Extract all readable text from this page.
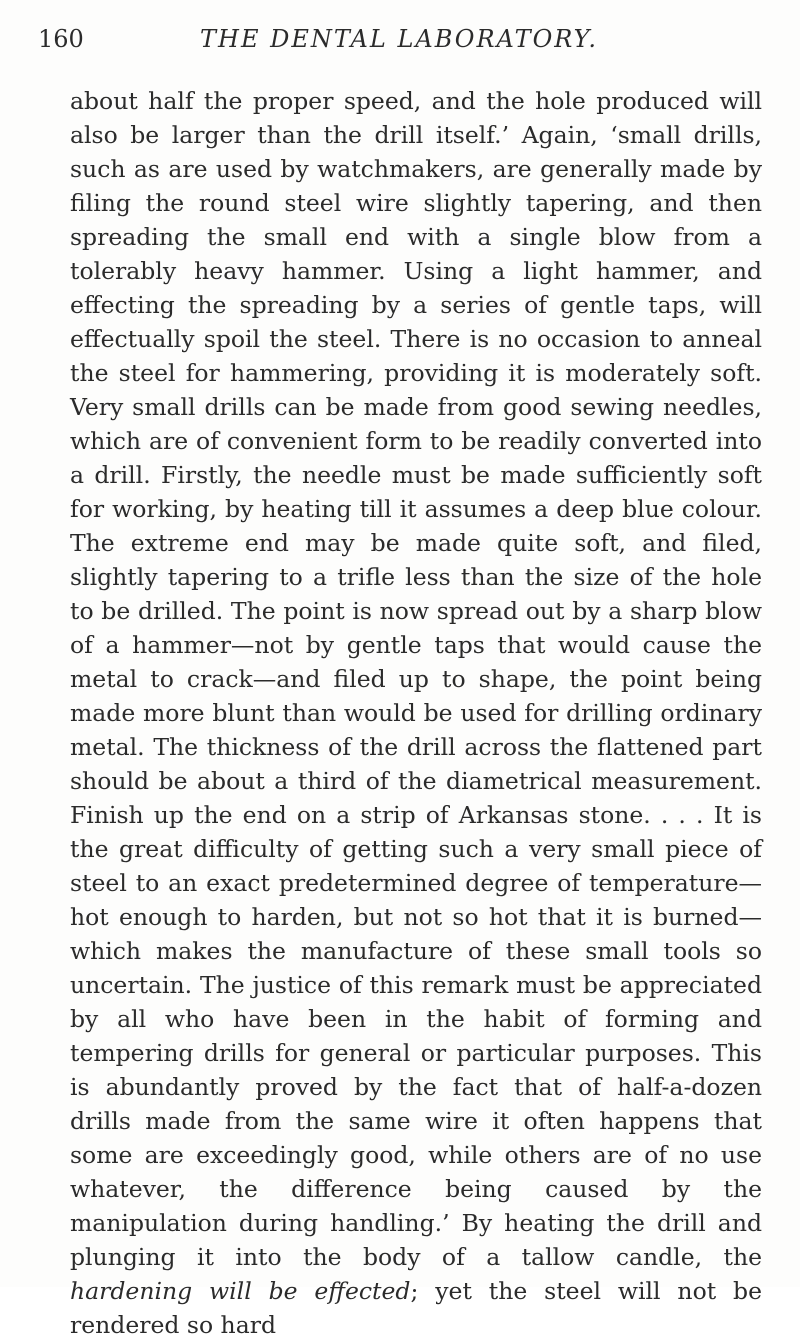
160	THE DENTAL LABORATORY.

about half the proper speed, and the hole produced will also be larger than the drill itself.’ Again, ‘small drills, such as are used by watchmakers, are generally made by filing the round steel wire slightly tapering, and then spreading the small end with a single blow from a tolerably heavy hammer. Using a light hammer, and effecting the spreading by a series of gentle taps, will effectually spoil the steel. There is no occasion to anneal the steel for hammering, providing it is moderately soft. Very small drills can be made from good sewing needles, which are of convenient form to be readily converted into a drill. Firstly, the needle must be made sufficiently soft for working, by heating till it assumes a deep blue colour. The extreme end may be made quite soft, and filed, slightly tapering to a trifle less than the size of the hole to be drilled. The point is now spread out by a sharp blow of a hammer—not by gentle taps that would cause the metal to crack—and filed up to shape, the point being made more blunt than would be used for drilling ordinary metal. The thickness of the drill across the flattened part should be about a third of the diametrical measurement. Finish up the end on a strip of Arkansas stone. . . . It is the great difficulty of getting such a very small piece of steel to an exact predetermined degree of temperature—hot enough to harden, but not so hot that it is burned—which makes the manufacture of these small tools so uncertain. The justice of this remark must be appreciated by all who have been in the habit of forming and tempering drills for general or particular purposes. This is abundantly proved by the fact that of half-a-dozen drills made from the same wire it often happens that some are exceedingly good, while others are of no use whatever, the difference being caused by the manipulation during handling.’ By heating the drill and plunging it into the body of a tallow candle, the hardening will be effected; yet the steel will not be rendered so hard
